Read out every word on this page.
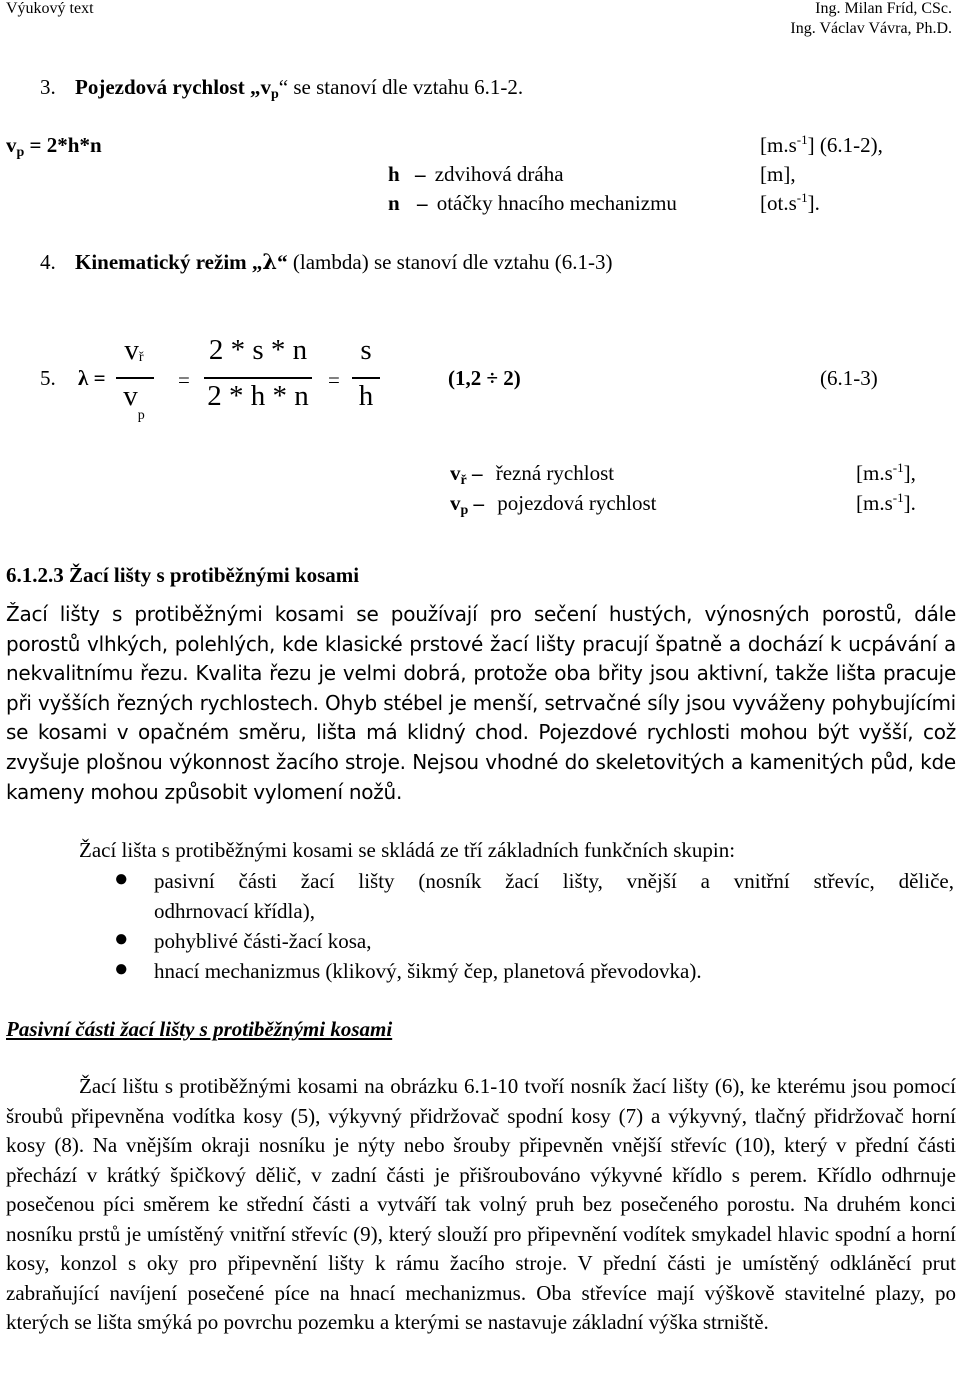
Výukový text	Ing. Milan Fríd, CSc.
Ing. Václav Vávra, Ph.D.
3. Pojezdová rychlost $„v_p“$ se stanoví dle vztahu 6.1-2.
$v_p = 2*h*n$	$[m.s^{-1}]$ (6.1-2),
h – zdvihová dráha	[m],
n – otáčky hnacího mechanizmu	$[ot.s^{-1}]$.
4. Kinematický režim „λ“ (lambda) se stanoví dle vztahu (6.1-3)
5. λ =
$v_ř$
$v_p$
=
2 * s * n
2 * h * n =
s
h
(1,2 ÷ 2)	(6.1-3)
$v_ř$ – řezná rychlost	$[m.s^{-1}]$,
$v_p$ – pojezdová rychlost	$[m.s^{-1}]$.
6.1.2.3 Žací lišty s protiběžnými kosami
Žací lišty s protiběžnými kosami se používají pro sečení hustých, výnosných porostů, dále porostů vlhkých, polehlých, kde klasické prstové žací lišty pracují špatně a dochází k ucpávání a nekvalitnímu řezu. Kvalita řezu je velmi dobrá, protože oba břity jsou aktivní, takže lišta pracuje při vyšších řezných rychlostech. Ohyb stébel je menší, setrvačné síly jsou vyváženy pohybujícími se kosami v opačném směru, lišta má klidný chod. Pojezdové rychlosti mohou být vyšší, což zvyšuje plošnou výkonnost žacího stroje. Nejsou vhodné do skeletovitých a kamenitých půd, kde kameny mohou způsobit vylomení nožů.
Žací lišta s protiběžnými kosami se skládá ze tří základních funkčních skupin:
● pasivní části žací lišty (nosník žací lišty, vnější a vnitřní střevíc, děliče,
odhrnovací křídla),
● pohyblivé části-žací kosa,
● hnací mechanizmus (klikový, šikmý čep, planetová převodovka).
Pasivní části žací lišty s protiběžnými kosami
Žací lištu s protiběžnými kosami na obrázku 6.1-10 tvoří nosník žací lišty (6), ke kterému jsou pomocí šroubů připevněna vodítka kosy (5), výkyvný přidržovač spodní kosy (7) a výkyvný, tlačný přidržovač horní kosy (8). Na vnějším okraji nosníku je nýty nebo šrouby připevněn vnější střevíc (10), který v přední části přechází v krátký špičkový dělič, v zadní části je přišroubováno výkyvné křídlo s perem. Křídlo odhrnuje posečenou píci směrem ke střední části a vytváří tak volný pruh bez posečeného porostu. Na druhém konci nosníku prstů je umístěný vnitřní střevíc (9), který slouží pro připevnění vodítek smykadel hlavic spodní a horní kosy, konzol s oky pro připevnění lišty k rámu žacího stroje. V přední části je umístěný odkláněcí prut zabraňující navíjení posečené píce na hnací mechanizmus. Oba střevíce mají výškově stavitelné plazy, po kterých se lišta smýká po povrchu pozemku a kterými se nastavuje základní výška strniště.
